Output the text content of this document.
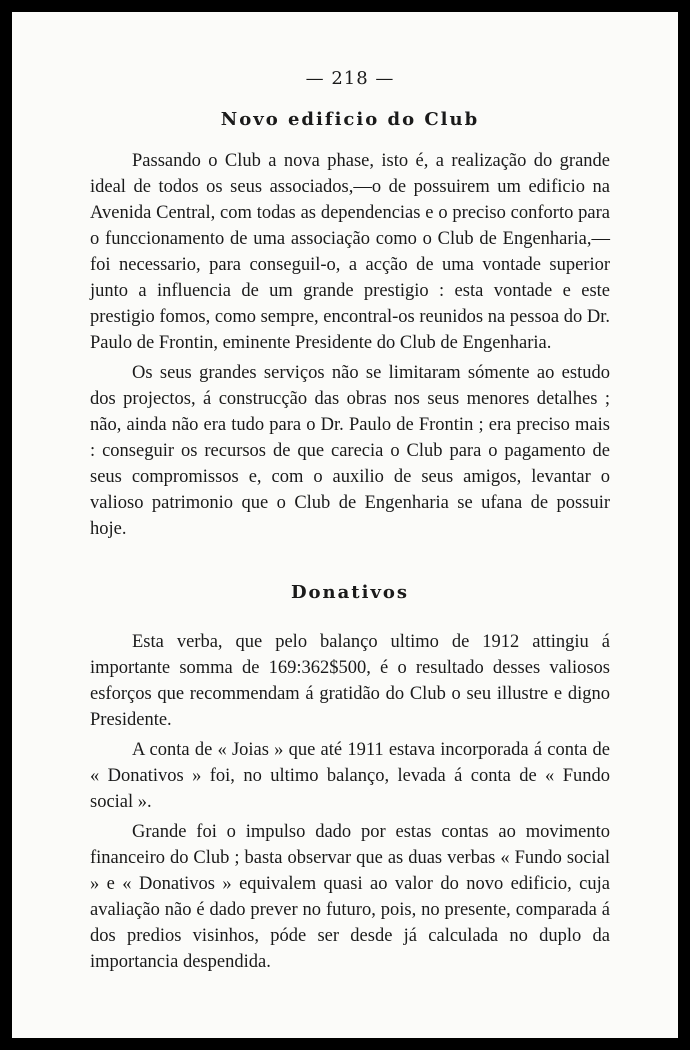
— 218 —
Novo edificio do Club

Passando o Club a nova phase, isto é, a realização do grande ideal de todos os seus associados,—o de possuirem um edificio na Avenida Central, com todas as dependencias e o preciso conforto para o funccionamento de uma associação como o Club de Engenharia,— foi necessario, para conseguil-o, a acção de uma vontade superior junto a influencia de um grande prestigio : esta vontade e este prestigio fomos, como sempre, encontral-os reunidos na pessoa do Dr. Paulo de Frontin, eminente Presidente do Club de Engenharia.

Os seus grandes serviços não se limitaram sómente ao estudo dos projectos, á construcção das obras nos seus menores detalhes ; não, ainda não era tudo para o Dr. Paulo de Frontin ; era preciso mais : conseguir os recursos de que carecia o Club para o pagamento de seus compromissos e, com o auxilio de seus amigos, levantar o valioso patrimonio que o Club de Engenharia se ufana de possuir hoje.

Donativos

Esta verba, que pelo balanço ultimo de 1912 attingiu á importante somma de 169:362$500, é o resultado desses valiosos esforços que recommendam á gratidão do Club o seu illustre e digno Presidente.

A conta de « Joias » que até 1911 estava incorporada á conta de « Donativos » foi, no ultimo balanço, levada á conta de « Fundo social ».

Grande foi o impulso dado por estas contas ao movimento financeiro do Club ; basta observar que as duas verbas « Fundo social » e « Donativos » equivalem quasi ao valor do novo edificio, cuja avaliação não é dado prever no futuro, pois, no presente, comparada á dos predios visinhos, póde ser desde já calculada no duplo da importancia despendida.
